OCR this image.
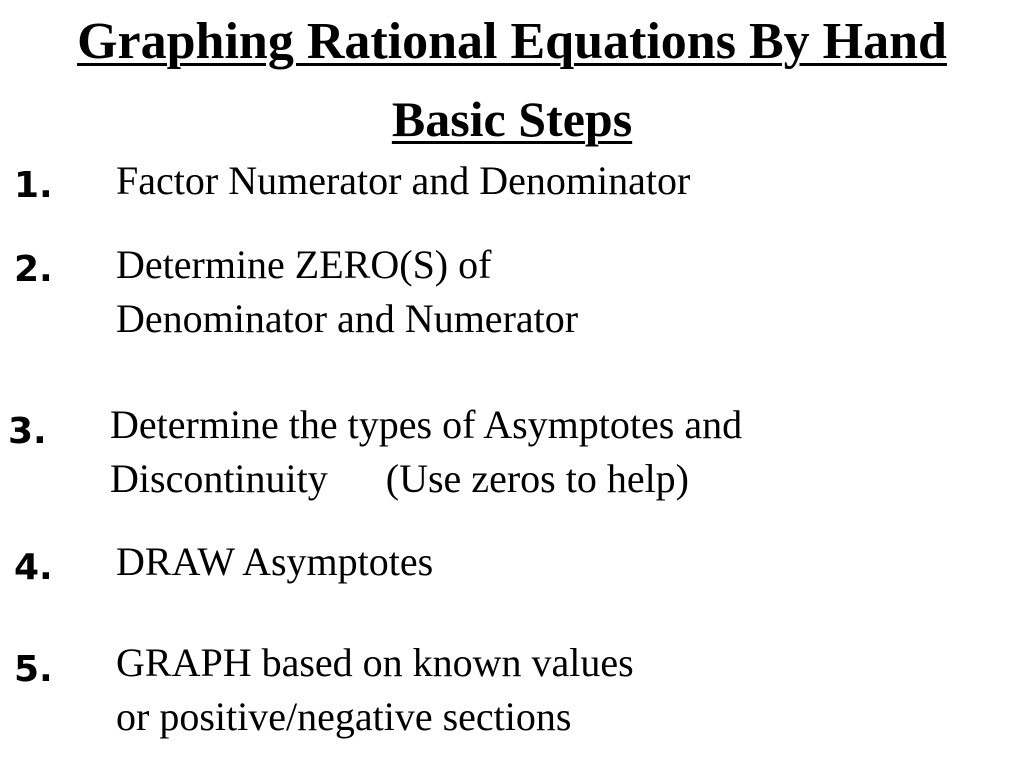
Graphing Rational Equations By Hand
Basic Steps
1. Factor Numerator and Denominator
2. Determine ZERO(S) of
Denominator and Numerator
3. Determine the types of Asymptotes and
Discontinuity (Use zeros to help)
4. DRAW Asymptotes
5. GRAPH based on known values
or positive/negative sections
